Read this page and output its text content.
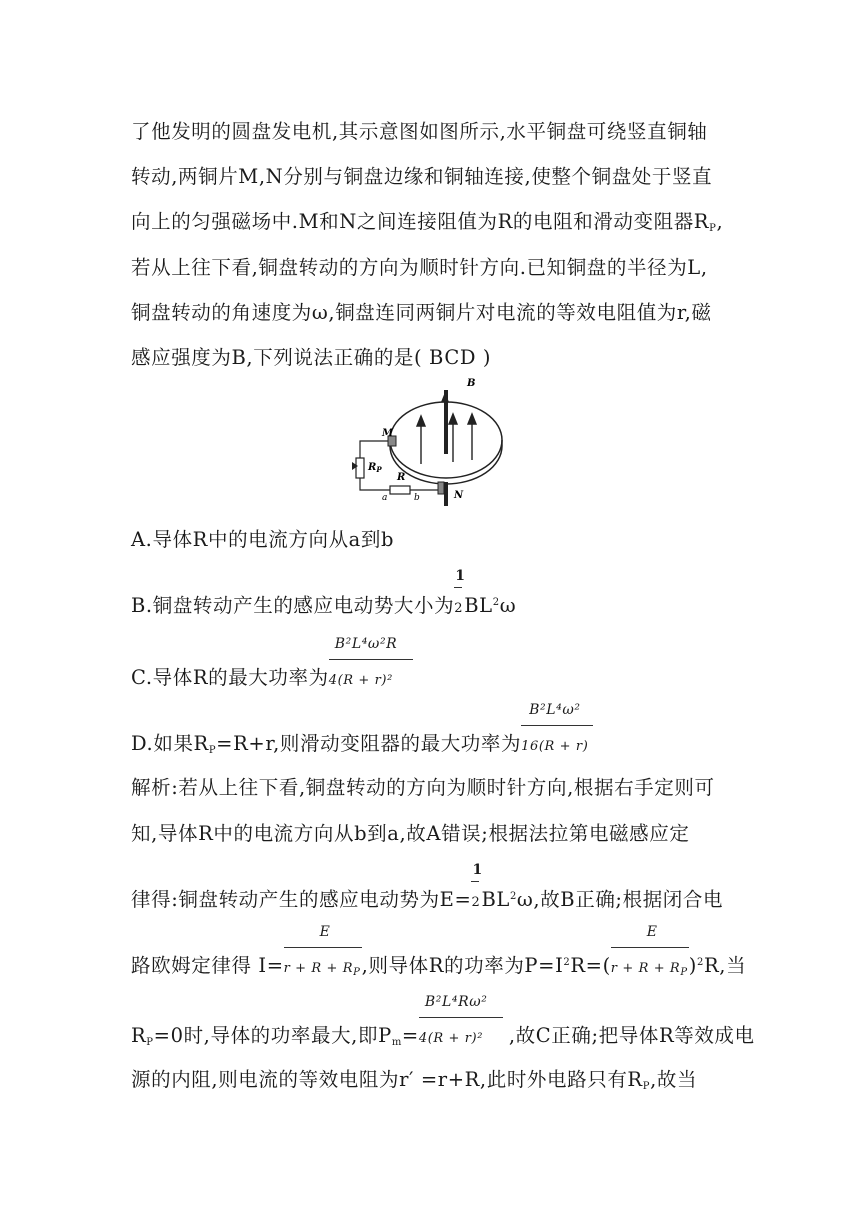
了他发明的圆盘发电机,其示意图如图所示,水平铜盘可绕竖直铜轴
转动,两铜片M,N分别与铜盘边缘和铜轴连接,使整个铜盘处于竖直
向上的匀强磁场中.M和N之间连接阻值为R的电阻和滑动变阻器$R_P$,
若从上往下看,铜盘转动的方向为顺时针方向.已知铜盘的半径为L,
铜盘转动的角速度为ω,铜盘连同两铜片对电流的等效电阻值为r,磁
感应强度为B,下列说法正确的是( BCD )
B
M
$R_P$
R
a	b	N
A.导体R中的电流方向从a到b
B.铜盘转动产生的感应电动势大小为 $\frac{1}{2}BL^2\omega$
C.导体R的最大功率为 $\frac{\text{B²L⁴ω²R}}{\text{4(R + r)²}}$
D.如果$R_P=R+r$,则滑动变阻器的最大功率为 $\frac{\text{B²L⁴ω²}}{16(R + r)}$
解析:若从上往下看,铜盘转动的方向为顺时针方向,根据右手定则可
知,导体R中的电流方向从b到a,故A错误;根据法拉第电磁感应定
律得:铜盘转动产生的感应电动势为$E= \frac{1}{2}BL^2\omega$,故B正确;根据闭合电
路欧姆定律得 $I= \frac{E}{r + R + R_P}$,则导体R的功率为$P=I^2R=( \frac{E}{r + R + R_P})^2R$,当
$R_P=0$时,导体的功率最大,即$P_m= \frac{\text{B²L⁴Rω²}}{\text{4(R + r)²}}$,故C正确;把导体R等效成电
源的内阻,则电流的等效电阻为r′ =r+R,此时外电路只有$R_P$,故当
